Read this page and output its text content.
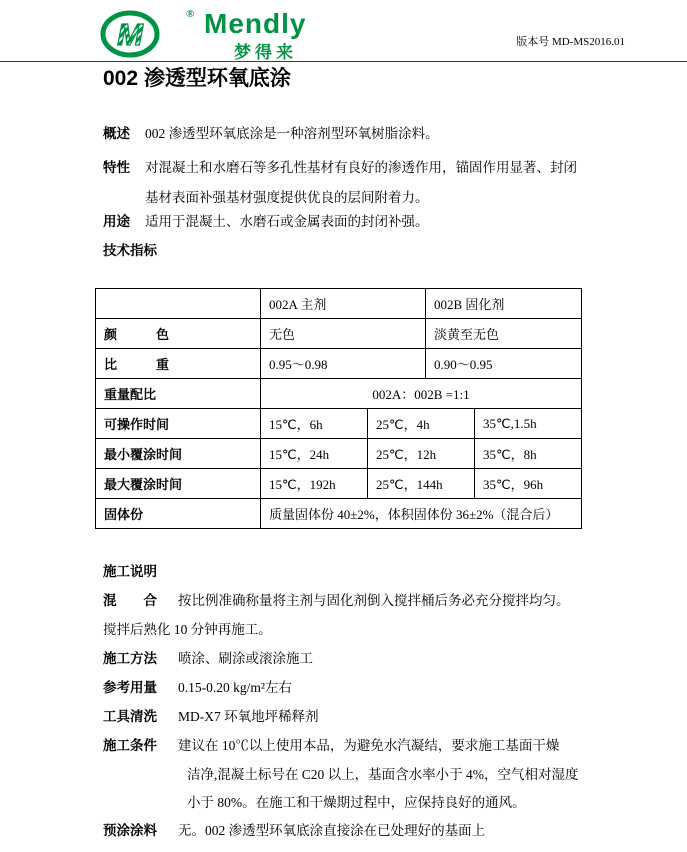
M
® Mendly
梦得来
版本号 MD-MS2016.01
002 渗透型环氧底涂
概述	002 渗透型环氧底涂是一种溶剂型环氧树脂涂料。
特性	对混凝土和水磨石等多孔性基材有良好的渗透作用，锚固作用显著、封闭
基材表面补强基材强度提供优良的层间附着力。
用途	适用于混凝土、水磨石或金属表面的封闭补强。
技术指标
	002A 主剂		002B 固化剂	
颜　　　色	无色		淡黄至无色	
比　　　重	0.95～0.98		0.90～0.95	
重量配比	002A：002B =1:1			
可操作时间	15℃，6h	25℃，4h		35℃,1.5h
最小覆涂时间	15℃，24h	25℃，12h		35℃，8h
最大覆涂时间	15℃，192h	25℃，144h		35℃，96h
固体份	质量固体份 40±2%，体积固体份 36±2%（混合后）			
施工说明
混　　合	按比例准确称量将主剂与固化剂倒入搅拌桶后务必充分搅拌均匀。
搅拌后熟化 10 分钟再施工。
施工方法	喷涂、刷涂或滚涂施工
参考用量	0.15-0.20 kg/m²左右
工具清洗	MD-X7 环氧地坪稀释剂
施工条件	建议在 10℃以上使用本品，为避免水汽凝结，要求施工基面干燥
洁净,混凝土标号在 C20 以上，基面含水率小于 4%，空气相对湿度
小于 80%。在施工和干燥期过程中，应保持良好的通风。
预涂涂料	无。002 渗透型环氧底涂直接涂在已处理好的基面上
